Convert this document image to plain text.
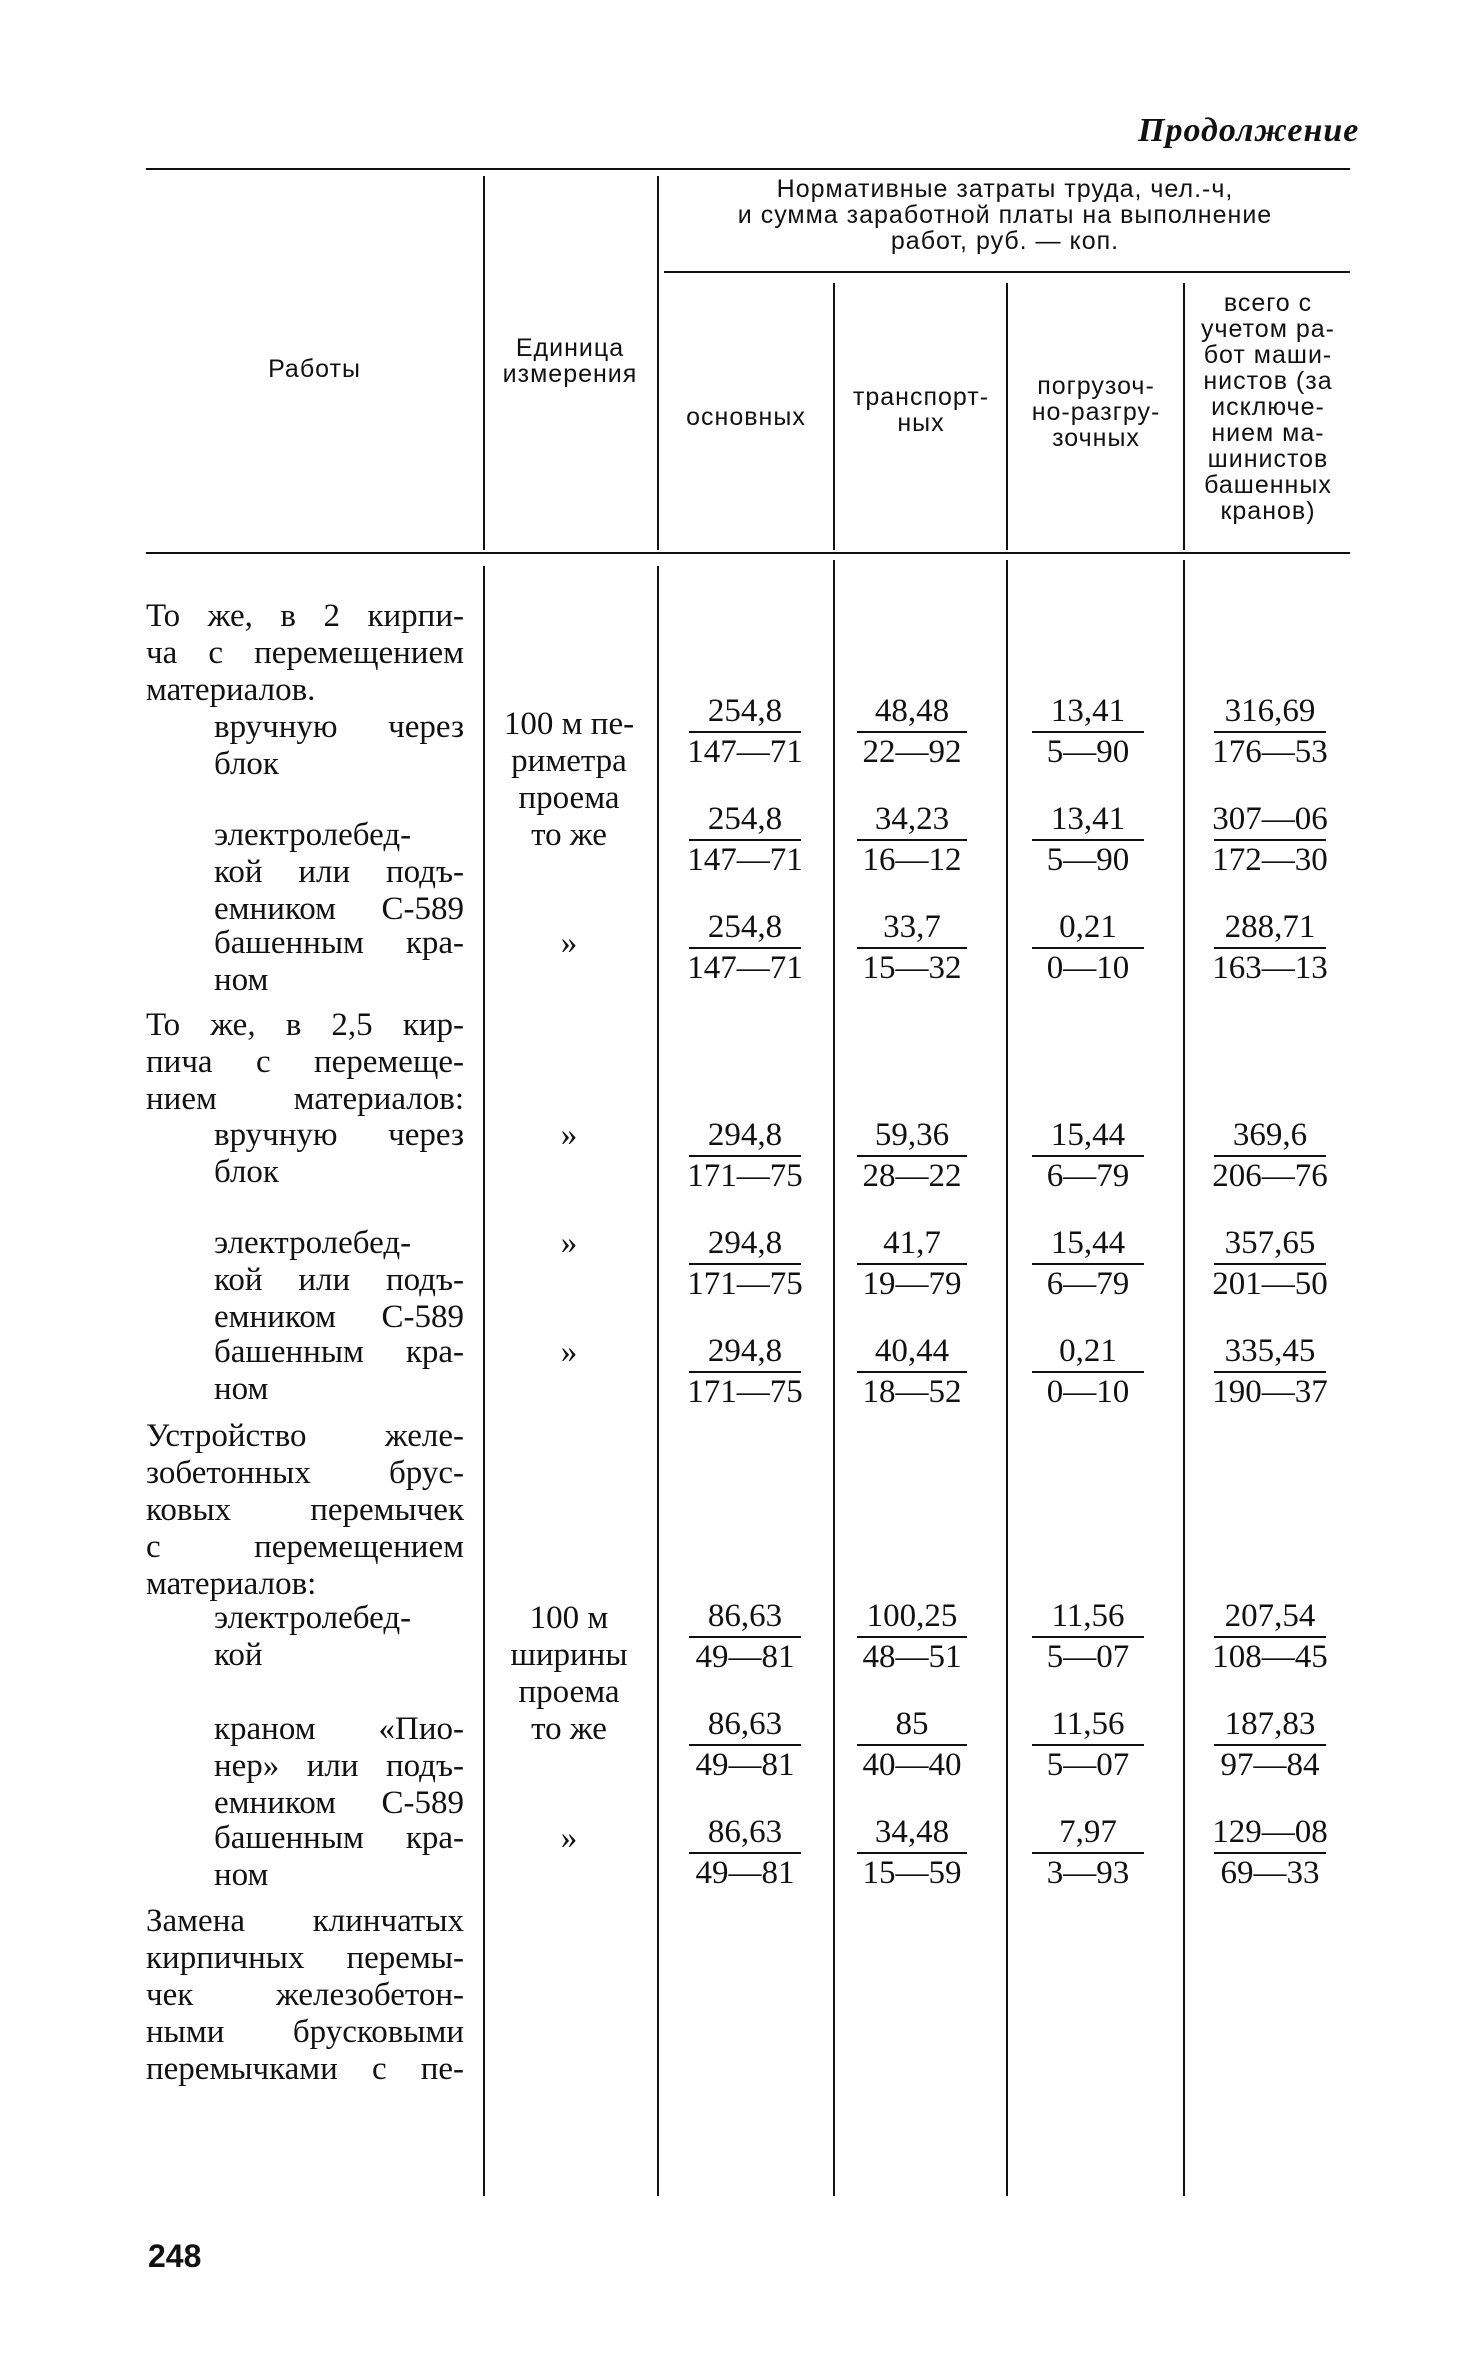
Продолжение
Работы
Единица
измерения
Нормативные затраты труда, чел.-ч,
и сумма заработной платы на выполнение
работ, руб. — коп.
основных
транспорт-
ных
погрузоч-
но-разгру-
зочных
всего с
учетом ра-
бот маши-
нистов (за
исключе-
нием ма-
шинистов
башенных
кранов)
То же, в 2 кирпи-
ча с перемещением
материалов.
вручную через
блок
100 м пе-
риметра
проема
то же
электролебед-
кой или подъ-
емником С-589
башенным кра-
ном
»
То же, в 2,5 кир-
пича с перемеще-
нием материалов:
вручную через
блок
»
электролебед-
кой или подъ-
емником С-589
»
башенным кра-
ном
»
Устройство желе-
зобетонных брус-
ковых перемычек
с перемещением
материалов:
электролебед-
кой
100 м
ширины
проема
то же
краном «Пио-
нер» или подъ-
емником С-589
башенным кра-
ном
»
Замена клинчатых
кирпичных перемы-
чек железобетон-
ными брусковыми
перемычками с пе-
254,8
147—71
48,48
22—92
13,41
5—90
316,69
176—53
254,8
147—71
34,23
16—12
13,41
5—90
307—06
172—30
254,8
147—71
33,7
15—32
0,21
0—10
288,71
163—13
294,8
171—75
59,36
28—22
15,44
6—79
369,6
206—76
294,8
171—75
41,7
19—79
15,44
6—79
357,65
201—50
294,8
171—75
40,44
18—52
0,21
0—10
335,45
190—37
86,63
49—81
100,25
48—51
11,56
5—07
207,54
108—45
86,63
49—81
85
40—40
11,56
5—07
187,83
97—84
86,63
49—81
34,48
15—59
7,97
3—93
129—08
69—33
248
